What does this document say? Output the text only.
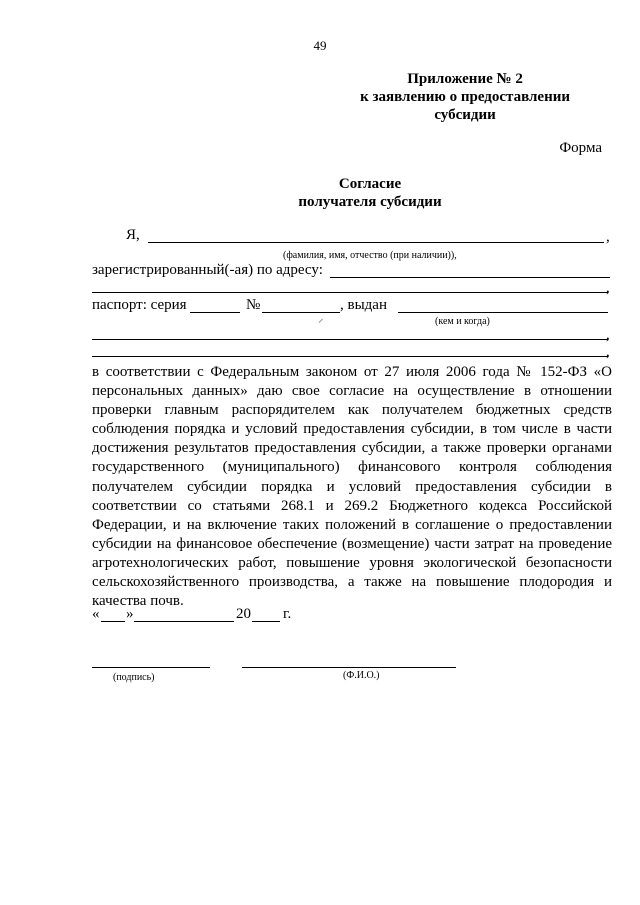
49
Приложение № 2
к заявлению о предоставлении
субсидии
Форма
Согласие
получателя субсидии
Я,	,
(фамилия, имя, отчество (при наличии)),
зарегистрированный(-ая) по адресу:
,
паспорт: серия	№	, выдан
(кем и когда)
⸝
,
,

в соответствии с Федеральным законом от 27 июля 2006 года № 152-ФЗ «О персональных данных» даю свое согласие на осуществление в отношении проверки главным распорядителем как получателем бюджетных средств соблюдения порядка и условий предоставления субсидии, в том числе в части достижения результатов предоставления субсидии, а также проверки органами государственного (муниципального) финансового контроля соблюдения получателем субсидии порядка и условий предоставления субсидии в соответствии со статьями 268.1 и 269.2 Бюджетного кодекса Российской Федерации, и на включение таких положений в соглашение о предоставлении субсидии на финансовое обеспечение (возмещение) части затрат на проведение агротехнологических работ, повышение уровня экологической безопасности сельскохозяйственного производства, а также на повышение плодородия и качества почв.

« »	20 г.
(подпись)	(Ф.И.О.)
